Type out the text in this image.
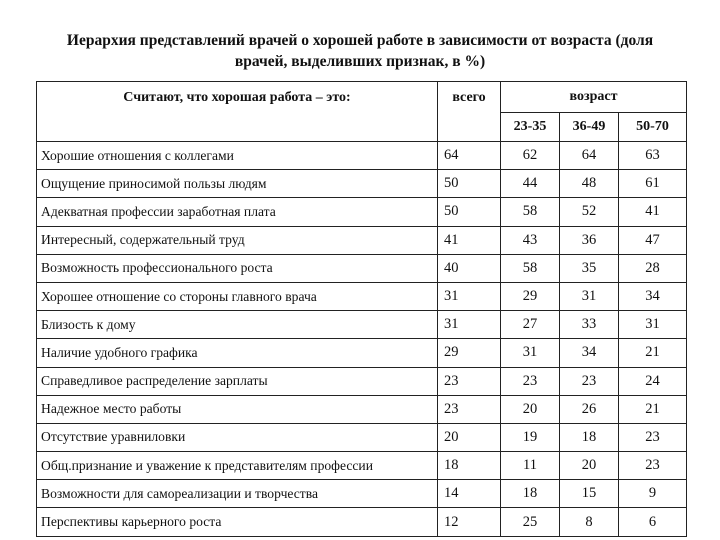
Иерархия представлений врачей о хорошей работе в зависимости от возраста (доля врачей, выделивших признак, в %)
Считают, что хорошая работа – это:	всего	возраст		
		23-35	36-49	50-70
Хорошие отношения с коллегами	64	62	64	63
Ощущение приносимой пользы людям	50	44	48	61
Адекватная профессии заработная плата	50	58	52	41
Интересный, содержательный труд	41	43	36	47
Возможность профессионального роста	40	58	35	28
Хорошее отношение со стороны главного врача	31	29	31	34
Близость к дому	31	27	33	31
Наличие удобного графика	29	31	34	21
Справедливое распределение зарплаты	23	23	23	24
Надежное место работы	23	20	26	21
Отсутствие уравниловки	20	19	18	23
Общ.признание и уважение к представителям профессии	18	11	20	23
Возможности для самореализации и творчества	14	18	15	9
Перспективы карьерного роста	12	25	8	6
